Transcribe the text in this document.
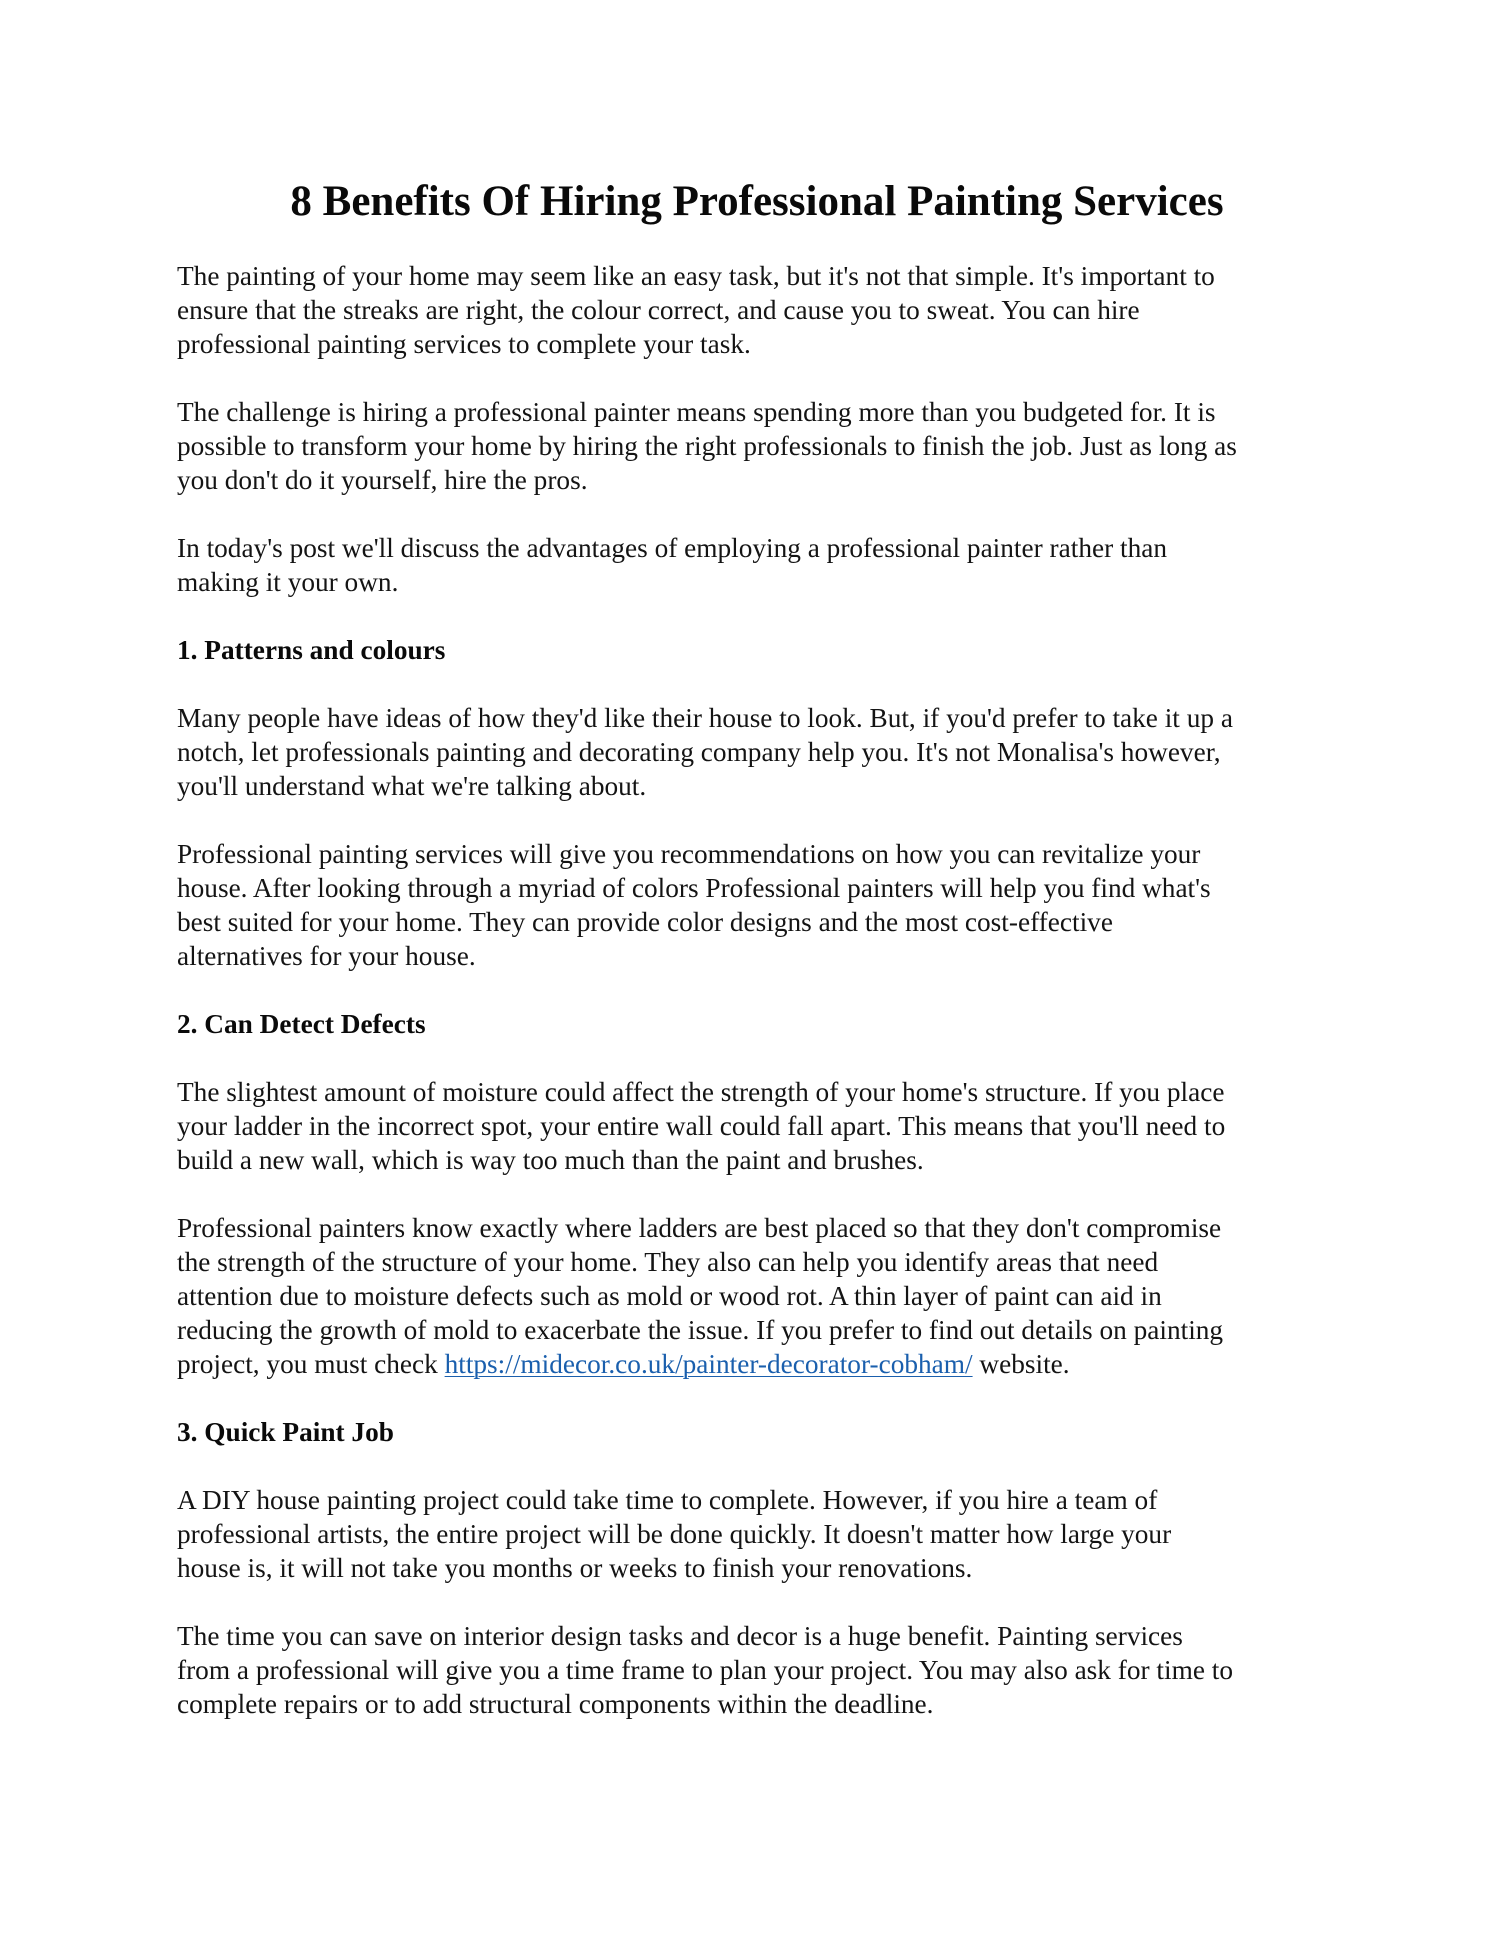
8 Benefits Of Hiring Professional Painting Services

The painting of your home may seem like an easy task, but it's not that simple. It's important to
ensure that the streaks are right, the colour correct, and cause you to sweat. You can hire
professional painting services to complete your task.

The challenge is hiring a professional painter means spending more than you budgeted for. It is
possible to transform your home by hiring the right professionals to finish the job. Just as long as
you don't do it yourself, hire the pros.

In today's post we'll discuss the advantages of employing a professional painter rather than
making it your own.

1. Patterns and colours

Many people have ideas of how they'd like their house to look. But, if you'd prefer to take it up a
notch, let professionals painting and decorating company help you. It's not Monalisa's however,
you'll understand what we're talking about.

Professional painting services will give you recommendations on how you can revitalize your
house. After looking through a myriad of colors Professional painters will help you find what's
best suited for your home. They can provide color designs and the most cost-effective
alternatives for your house.

2. Can Detect Defects

The slightest amount of moisture could affect the strength of your home's structure. If you place
your ladder in the incorrect spot, your entire wall could fall apart. This means that you'll need to
build a new wall, which is way too much than the paint and brushes.

Professional painters know exactly where ladders are best placed so that they don't compromise
the strength of the structure of your home. They also can help you identify areas that need
attention due to moisture defects such as mold or wood rot. A thin layer of paint can aid in
reducing the growth of mold to exacerbate the issue. If you prefer to find out details on painting
project, you must check https://midecor.co.uk/painter-decorator-cobham/ website.

3. Quick Paint Job

A DIY house painting project could take time to complete. However, if you hire a team of
professional artists, the entire project will be done quickly. It doesn't matter how large your
house is, it will not take you months or weeks to finish your renovations.

The time you can save on interior design tasks and decor is a huge benefit. Painting services
from a professional will give you a time frame to plan your project. You may also ask for time to
complete repairs or to add structural components within the deadline.
